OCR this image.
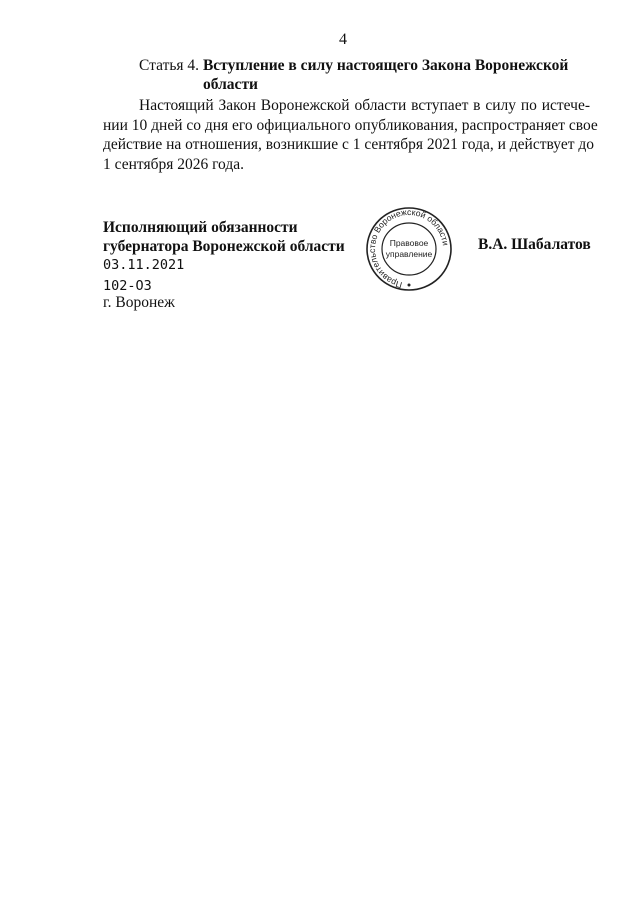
4
Статья 4. Вступление в силу настоящего Закона Воронежской
области
Настоящий Закон Воронежской области вступает в силу по истече-
нии 10 дней со дня его официального опубликования, распространяет свое
действие на отношения, возникшие с 1 сентября 2021 года, и действует до
1 сентября 2026 года.
Исполняющий обязанности
губернатора Воронежской области
Правительство Воронежской области
Правовое
управление
В.А. Шабалатов
03.11.2021
102-ОЗ
г. Воронеж
